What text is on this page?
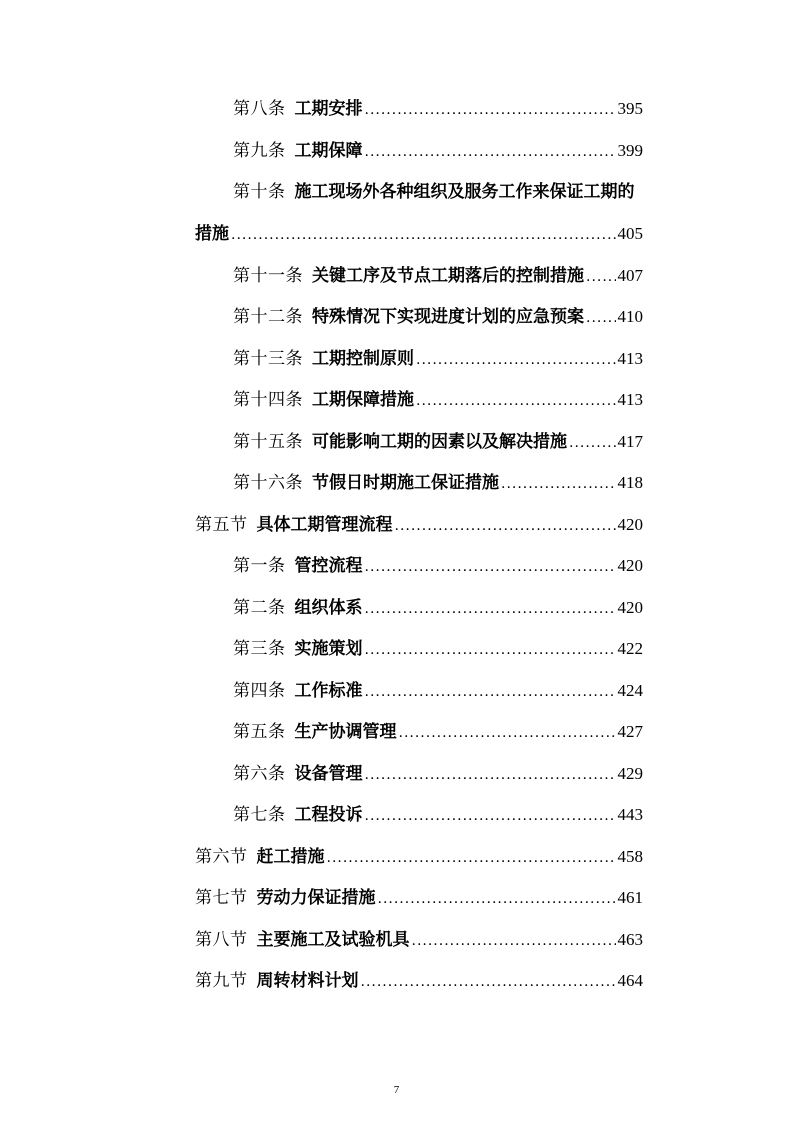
第八条 工期安排 .....	395
第九条 工期保障 .....	399
第十条 施工现场外各种组织及服务工作来保证工期的
措施 .....	405
第十一条 关键工序及节点工期落后的控制措施 ..... 407
第十二条 特殊情况下实现进度计划的应急预案 ..... 410
第十三条 工期控制原则 .....	413
第十四条 工期保障措施 .....	413
第十五条 可能影响工期的因素以及解决措施 .....	417
第十六条 节假日时期施工保证措施 .....	418
第五节 具体工期管理流程 .....	420
第一条 管控流程 .....	420
第二条 组织体系 .....	420
第三条 实施策划 .....	422
第四条 工作标准 .....	424
第五条 生产协调管理 .....	427
第六条 设备管理 .....	429
第七条 工程投诉 .....	443
第六节 赶工措施 .....	458
第七节 劳动力保证措施 .....	461
第八节 主要施工及试验机具 .....	463
第九节 周转材料计划 .....	464
7
